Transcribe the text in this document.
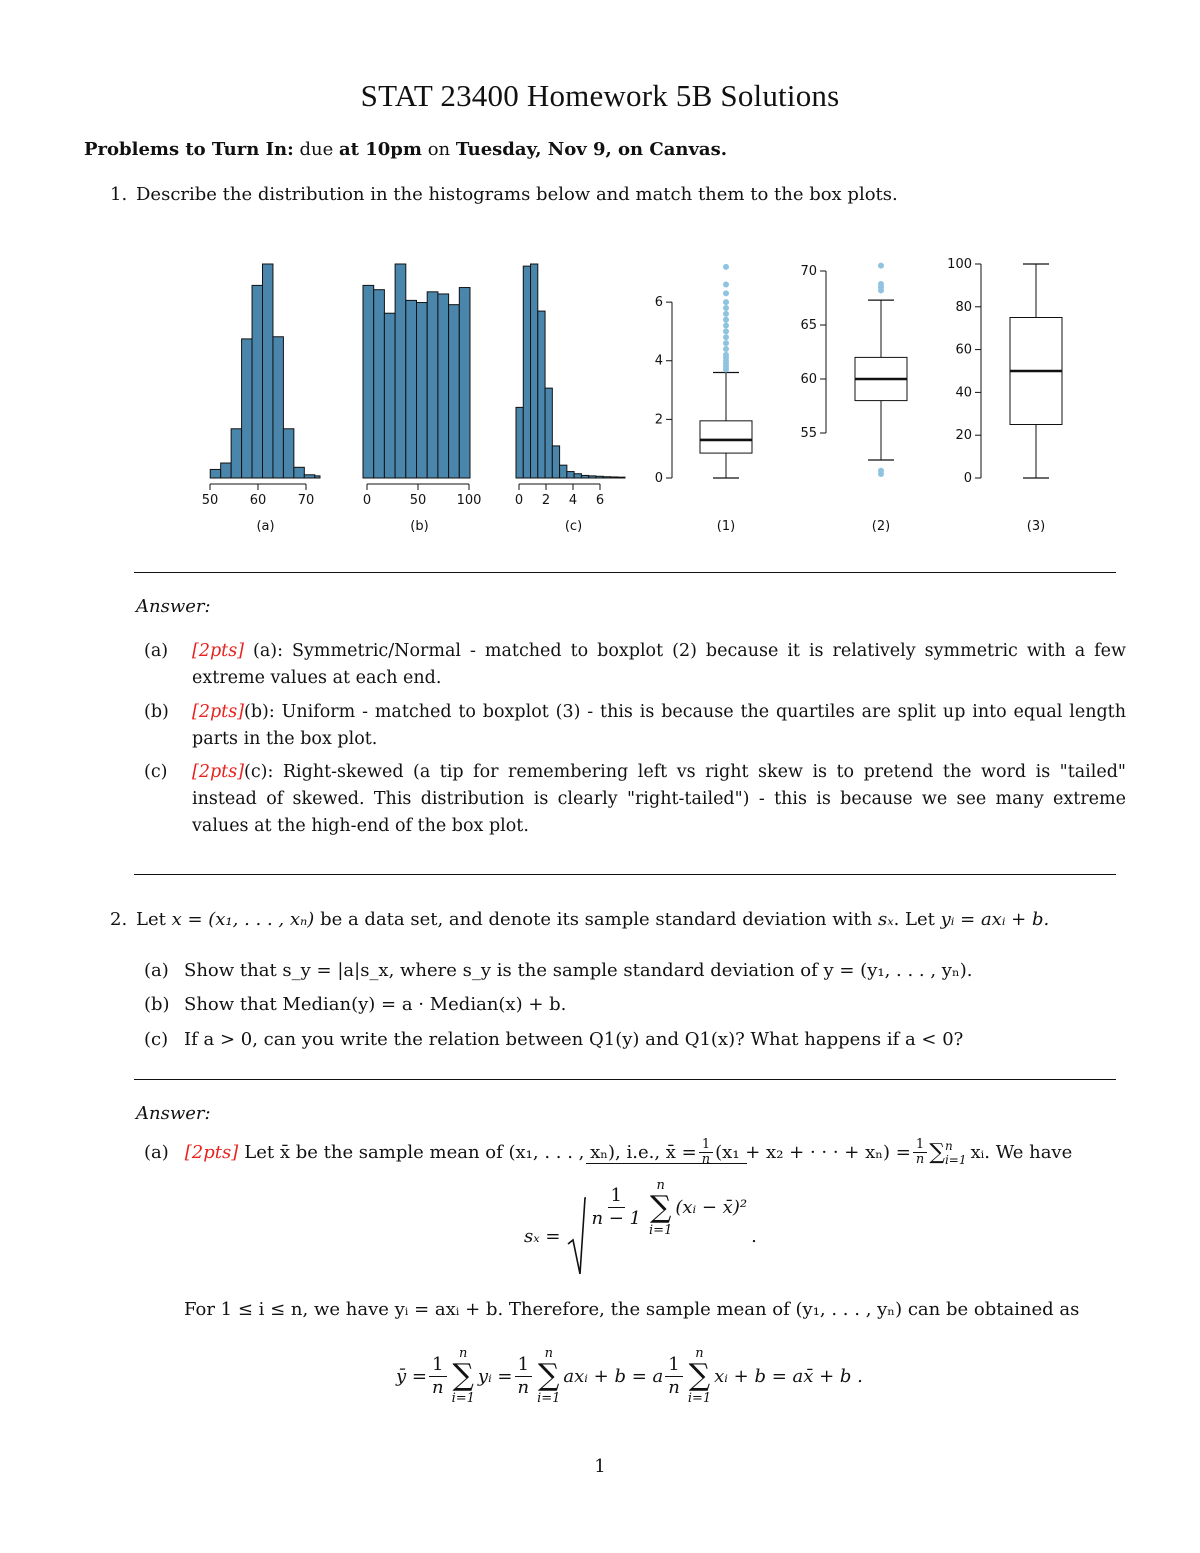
STAT 23400 Homework 5B Solutions
Problems to Turn In: due at 10pm on Tuesday, Nov 9, on Canvas.
1. Describe the distribution in the histograms below and match them to the box plots.
50 60 70
(a)
0	50 100
(b)
0 2 4 6
(c)
0
2
4
6
(1)
55
60
65
70
(2)
0
20
40
60
80
100
(3)
Answer:
(a) [2pts] (a): Symmetric/Normal - matched to boxplot (2) because it is relatively symmetric with a few extreme values at each end.
(b) [2pts](b): Uniform - matched to boxplot (3) - this is because the quartiles are split up into equal length parts in the box plot.
(c) [2pts](c): Right-skewed (a tip for remembering left vs right skew is to pretend the word is "tailed" instead of skewed. This distribution is clearly "right-tailed") - this is because we see many extreme values at the high-end of the box plot.
2. Let x = (x₁, . . . , xₙ) be a data set, and denote its sample standard deviation with sₓ. Let yᵢ = axᵢ + b.
(a) Show that s_y = |a|s_x, where s_y is the sample standard deviation of y = (y₁, . . . , yₙ).
(b) Show that Median(y) = a · Median(x) + b.
(c) If a > 0, can you write the relation between Q1(y) and Q1(x)? What happens if a < 0?
Answer:
(a) [2pts] Let x̄ be the sample mean of (x₁, . . . , xₙ), i.e., x̄ = $\frac{1}{n} (x_1 + x_2$ + · · · + $x_n) = \frac{1}{n}$ ∑ n
i=1 xᵢ. We have
sₓ =
$\frac{1}{n - 1}$ n
∑
i=1
(xᵢ − x̄)²
.
For 1 ≤ i ≤ n, we have yᵢ = axᵢ + b. Therefore, the sample mean of (y₁, . . . , yₙ) can be obtained as
ȳ = $\frac{1}{n}$ n
∑
i=1
yᵢ = $\frac{1}{n}$ n
∑
i=1
axᵢ + b = a $\frac{1}{n}$ n
∑
i=1
xᵢ + b = ax̄ + b .
1
